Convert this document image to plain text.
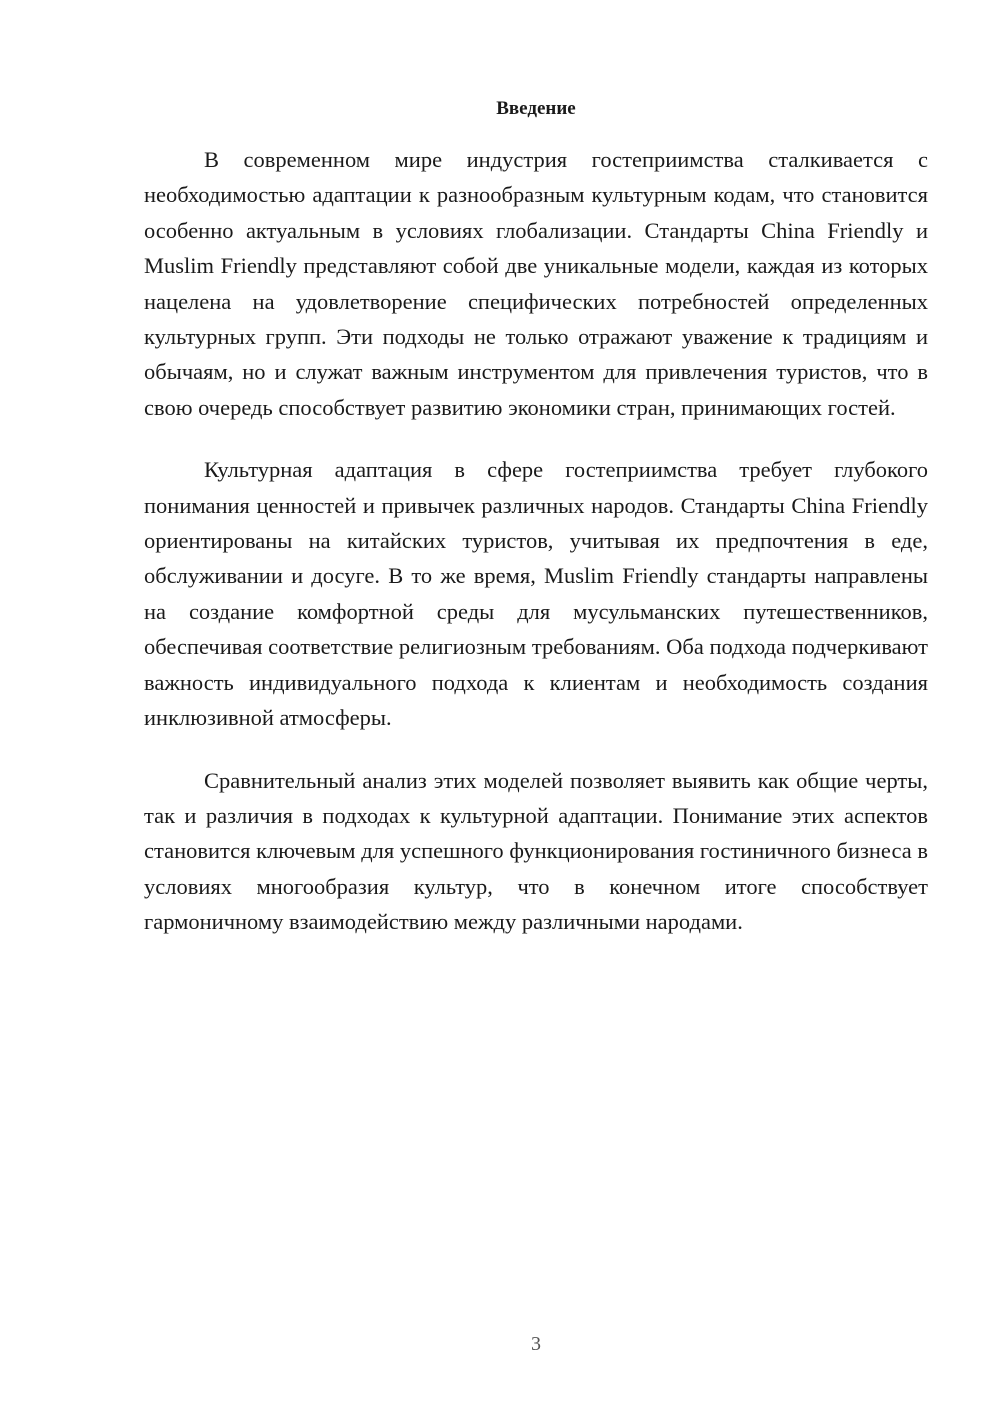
Введение

В современном мире индустрия гостеприимства сталкивается с необходимостью адаптации к разнообразным культурным кодам, что становится особенно актуальным в условиях глобализации. Стандарты China Friendly и Muslim Friendly представляют собой две уникальные модели, каждая из которых нацелена на удовлетворение специфических потребностей определенных культурных групп. Эти подходы не только отражают уважение к традициям и обычаям, но и служат важным инструментом для привлечения туристов, что в свою очередь способствует развитию экономики стран, принимающих гостей.

Культурная адаптация в сфере гостеприимства требует глубокого понимания ценностей и привычек различных народов. Стандарты China Friendly ориентированы на китайских туристов, учитывая их предпочтения в еде, обслуживании и досуге. В то же время, Muslim Friendly стандарты направлены на создание комфортной среды для мусульманских путешественников, обеспечивая соответствие религиозным требованиям. Оба подхода подчеркивают важность индивидуального подхода к клиентам и необходимость создания инклюзивной атмосферы.

Сравнительный анализ этих моделей позволяет выявить как общие черты, так и различия в подходах к культурной адаптации. Понимание этих аспектов становится ключевым для успешного функционирования гостиничного бизнеса в условиях многообразия культур, что в конечном итоге способствует гармоничному взаимодействию между различными народами.

3
